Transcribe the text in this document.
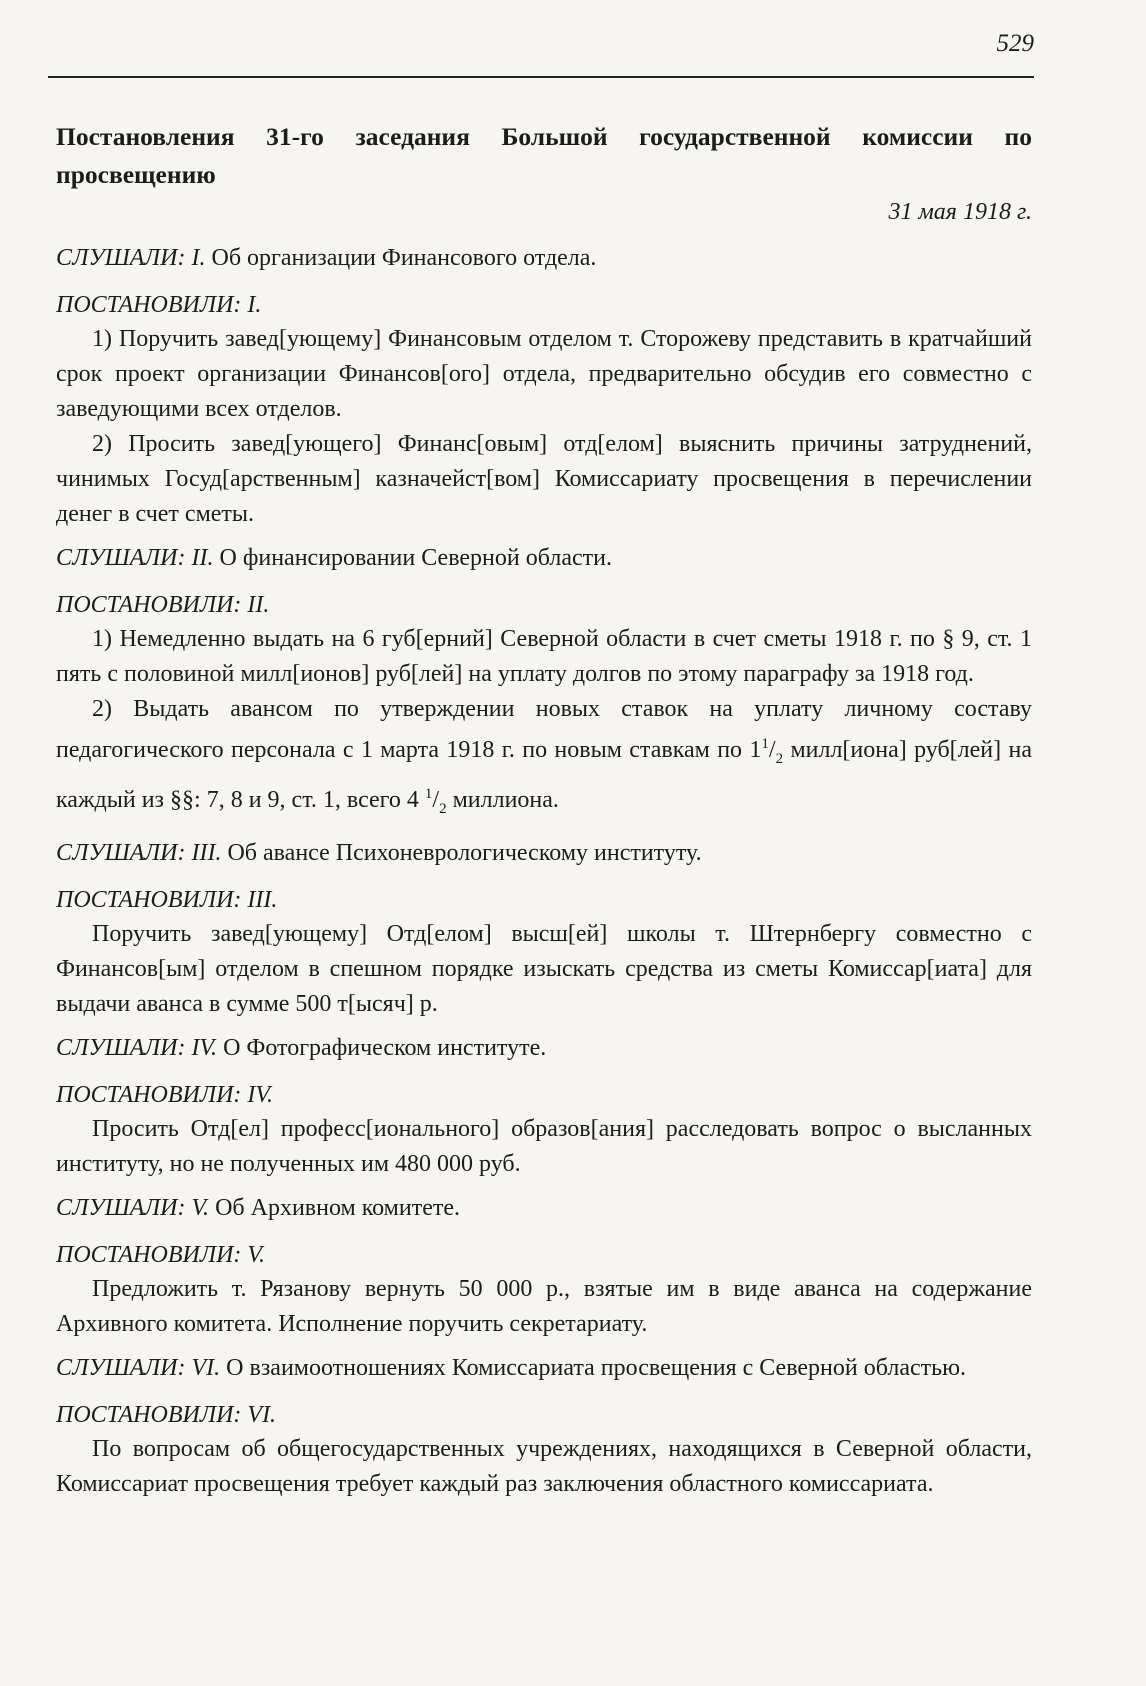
529
Постановления 31-го заседания Большой государственной комиссии по просвещению
31 мая 1918 г.
СЛУШАЛИ: I. Об организации Финансового отдела.
ПОСТАНОВИЛИ: I.

1) Поручить завед[ующему] Финансовым отделом т. Сторожеву представить в кратчайший срок проект организации Финансов[ого] отдела, предварительно обсудив его совместно с заведующими всех отделов.

2) Просить завед[ующего] Финанс[овым] отд[елом] выяснить причины затруднений, чинимых Госуд[арственным] казначейст[вом] Комиссариату просвещения в перечислении денег в счет сметы.

СЛУШАЛИ: II. О финансировании Северной области.
ПОСТАНОВИЛИ: II.

1) Немедленно выдать на 6 губ[ерний] Северной области в счет сметы 1918 г. по § 9, ст. 1 пять с половиной милл[ионов] руб[лей] на уплату долгов по этому параграфу за 1918 год.

2) Выдать авансом по утверждении новых ставок на уплату личному составу педагогического персонала с 1 марта 1918 г. по новым ставкам по $1^1/_2$ милл[иона] руб[лей] на каждый из §§: 7, 8 и 9, ст. 1, всего 4 $^1/_2$ миллиона.

СЛУШАЛИ: III. Об авансе Психоневрологическому институту.
ПОСТАНОВИЛИ: III.

Поручить завед[ующему] Отд[елом] высш[ей] школы т. Штернбергу совместно с Финансов[ым] отделом в спешном порядке изыскать средства из сметы Комиссар[иата] для выдачи аванса в сумме 500 т[ысяч] р.

СЛУШАЛИ: IV. О Фотографическом институте.
ПОСТАНОВИЛИ: IV.

Просить Отд[ел] професс[ионального] образов[ания] расследовать вопрос о высланных институту, но не полученных им 480 000 руб.

СЛУШАЛИ: V. Об Архивном комитете.
ПОСТАНОВИЛИ: V.

Предложить т. Рязанову вернуть 50 000 р., взятые им в виде аванса на содержание Архивного комитета. Исполнение поручить секретариату.

СЛУШАЛИ: VI. О взаимоотношениях Комиссариата просвещения с Северной областью.
ПОСТАНОВИЛИ: VI.

По вопросам об общегосударственных учреждениях, находящихся в Северной области, Комиссариат просвещения требует каждый раз заключения областного комиссариата.
